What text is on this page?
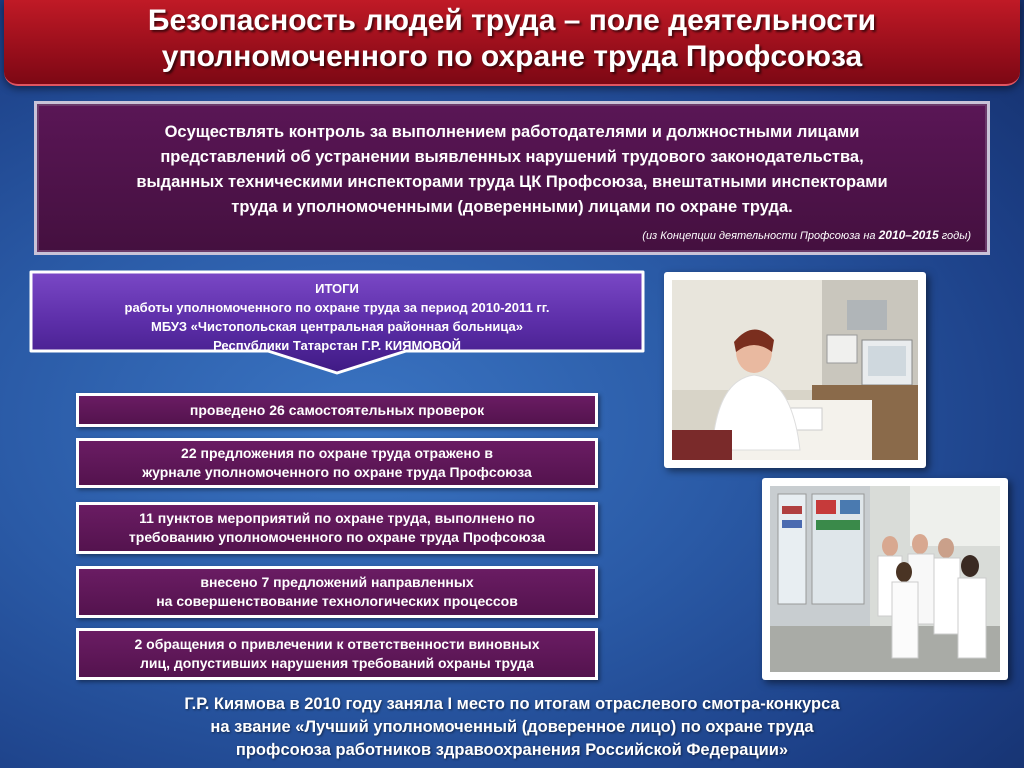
Безопасность людей труда – поле деятельности
уполномоченного по охране труда Профсоюза
Осуществлять контроль за выполнением работодателями и должностными лицами
представлений об устранении выявленных нарушений трудового законодательства,
выданных техническими инспекторами труда ЦК Профсоюза, внештатными инспекторами
труда и уполномоченными (доверенными) лицами по охране труда.
(из Концепции деятельности Профсоюза на 2010–2015 годы)
ИТОГИ
работы уполномоченного по охране труда за период 2010-2011 гг.
МБУЗ «Чистопольская центральная районная больница»
Республики Татарстан Г.Р. КИЯМОВОЙ
проведено 26 самостоятельных проверок
22 предложения по охране труда отражено в
журнале уполномоченного по охране труда Профсоюза
11 пунктов мероприятий по охране труда, выполнено по
требованию уполномоченного по охране труда Профсоюза
внесено 7 предложений направленных
на совершенствование технологических процессов
2 обращения о привлечении к ответственности виновных
лиц, допустивших нарушения требований охраны труда
Г.Р. Киямова в 2010 году заняла I место по итогам отраслевого смотра-конкурса
на звание «Лучший уполномоченный (доверенное лицо) по охране труда
профсоюза работников здравоохранения Российской Федерации»
